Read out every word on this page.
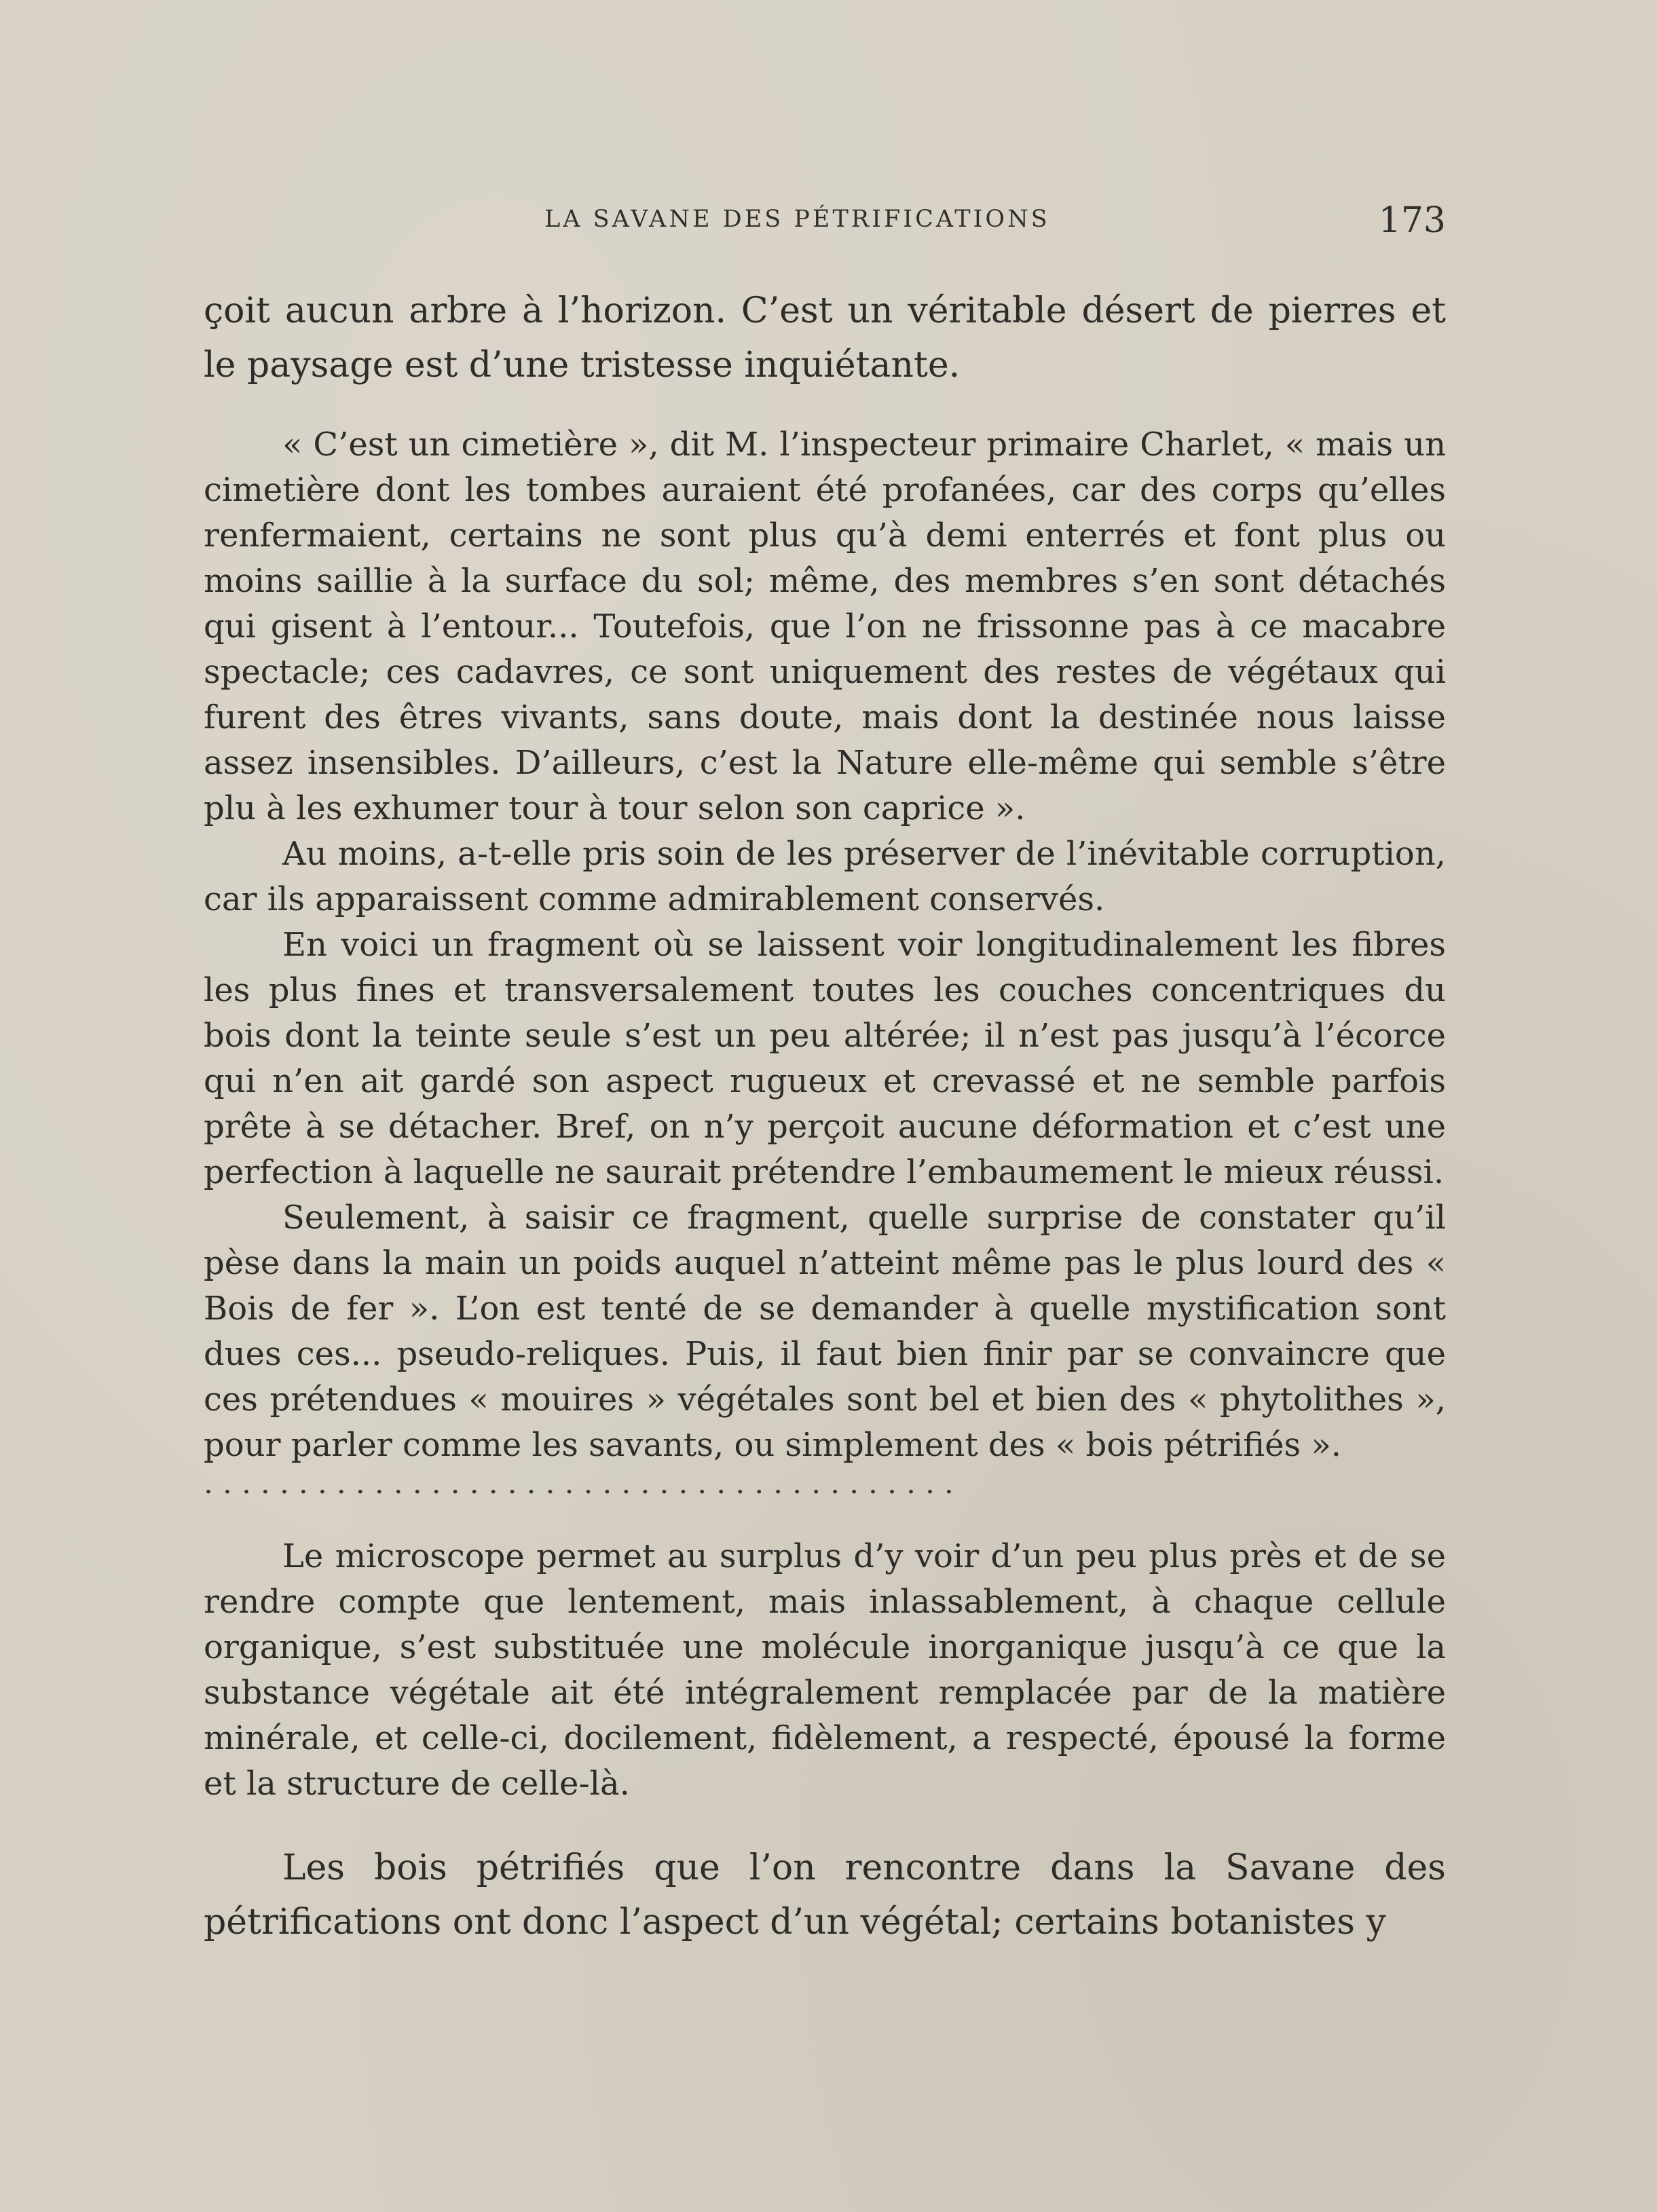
LA SAVANE DES PÉTRIFICATIONS	173

çoit aucun arbre à l’horizon. C’est un véritable désert de pierres et le paysage est d’une tristesse inquiétante.

« C’est un cimetière », dit M. l’inspecteur primaire Charlet, « mais un cimetière dont les tombes auraient été profanées, car des corps qu’elles renfermaient, certains ne sont plus qu’à demi enterrés et font plus ou moins saillie à la surface du sol; même, des membres s’en sont détachés qui gisent à l’entour... Toutefois, que l’on ne frissonne pas à ce macabre spectacle; ces cadavres, ce sont uniquement des restes de végétaux qui furent des êtres vivants, sans doute, mais dont la destinée nous laisse assez insensibles. D’ailleurs, c’est la Nature elle-même qui semble s’être plu à les exhumer tour à tour selon son caprice ».

Au moins, a-t-elle pris soin de les préserver de l’inévitable corruption, car ils apparaissent comme admirablement conservés.

En voici un fragment où se laissent voir longitudinalement les fibres les plus fines et transversalement toutes les couches concentriques du bois dont la teinte seule s’est un peu altérée; il n’est pas jusqu’à l’écorce qui n’en ait gardé son aspect rugueux et crevassé et ne semble parfois prête à se détacher. Bref, on n’y perçoit aucune déformation et c’est une perfection à laquelle ne saurait prétendre l’embaumement le mieux réussi.

Seulement, à saisir ce fragment, quelle surprise de constater qu’il pèse dans la main un poids auquel n’atteint même pas le plus lourd des « Bois de fer ». L’on est tenté de se demander à quelle mystification sont dues ces... pseudo-reliques. Puis, il faut bien finir par se convaincre que ces prétendues « mouires » végétales sont bel et bien des « phytolithes », pour parler comme les savants, ou simplement des « bois pétrifiés ».

. . . . . . . . . . . . . . . . . . . . . . . . . . . . . . . . . . . . . . . .

Le microscope permet au surplus d’y voir d’un peu plus près et de se rendre compte que lentement, mais inlassablement, à chaque cellule organique, s’est substituée une molécule inorganique jusqu’à ce que la substance végétale ait été intégralement remplacée par de la matière minérale, et celle-ci, docilement, fidèlement, a respecté, épousé la forme et la structure de celle-là.

Les bois pétrifiés que l’on rencontre dans la Savane des pétrifications ont donc l’aspect d’un végétal; certains botanistes y
